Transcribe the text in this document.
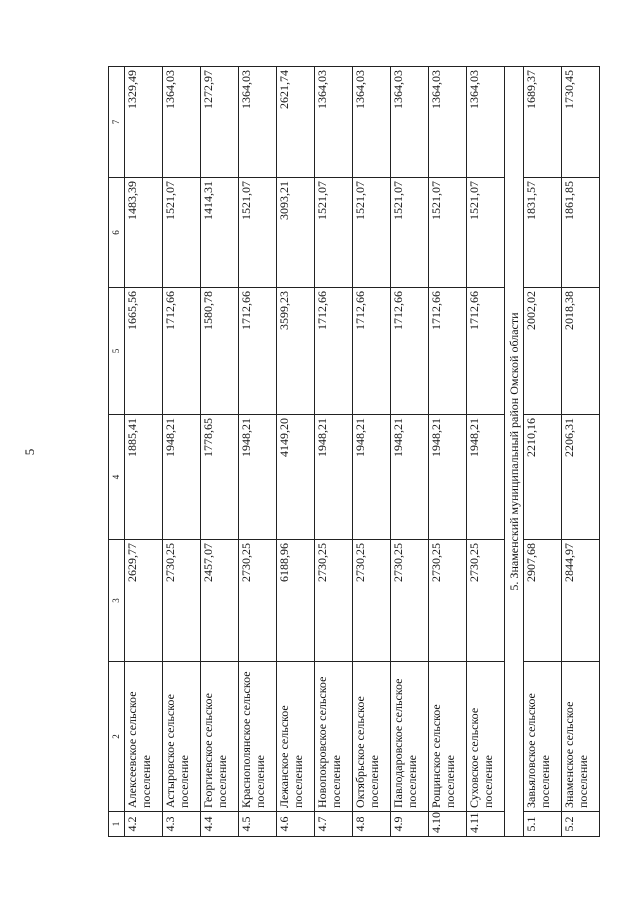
5
1	2	3	4	5	6	7
4.2	Алексеевское сельское поселение	2629,77	1885,41	1665,56	1483,39	1329,49
4.3	Астыровское сельское поселение	2730,25	1948,21	1712,66	1521,07	1364,03
4.4	Георгиевское сельское поселение	2457,07	1778,65	1580,78	1414,31	1272,97
4.5	Краснополянское сельское поселение	2730,25	1948,21	1712,66	1521,07	1364,03
4.6	Лежанское сельское поселение	6188,96	4149,20	3599,23	3093,21	2621,74
4.7	Новопокровское сельское поселение	2730,25	1948,21	1712,66	1521,07	1364,03
4.8	Октябрьское сельское поселение	2730,25	1948,21	1712,66	1521,07	1364,03
4.9	Павлодаровское сельское поселение	2730,25	1948,21	1712,66	1521,07	1364,03
4.10	Рощинское сельское поселение	2730,25	1948,21	1712,66	1521,07	1364,03
4.11	Суховское сельское поселение	2730,25	1948,21	1712,66	1521,07	1364,03
5. Знаменский муниципальный район Омской области						
5.1	Завьяловское сельское поселение	2907,68	2210,16	2002,02	1831,57	1689,37
5.2	Знаменское сельское поселение	2844,97	2206,31	2018,38	1861,85	1730,45
